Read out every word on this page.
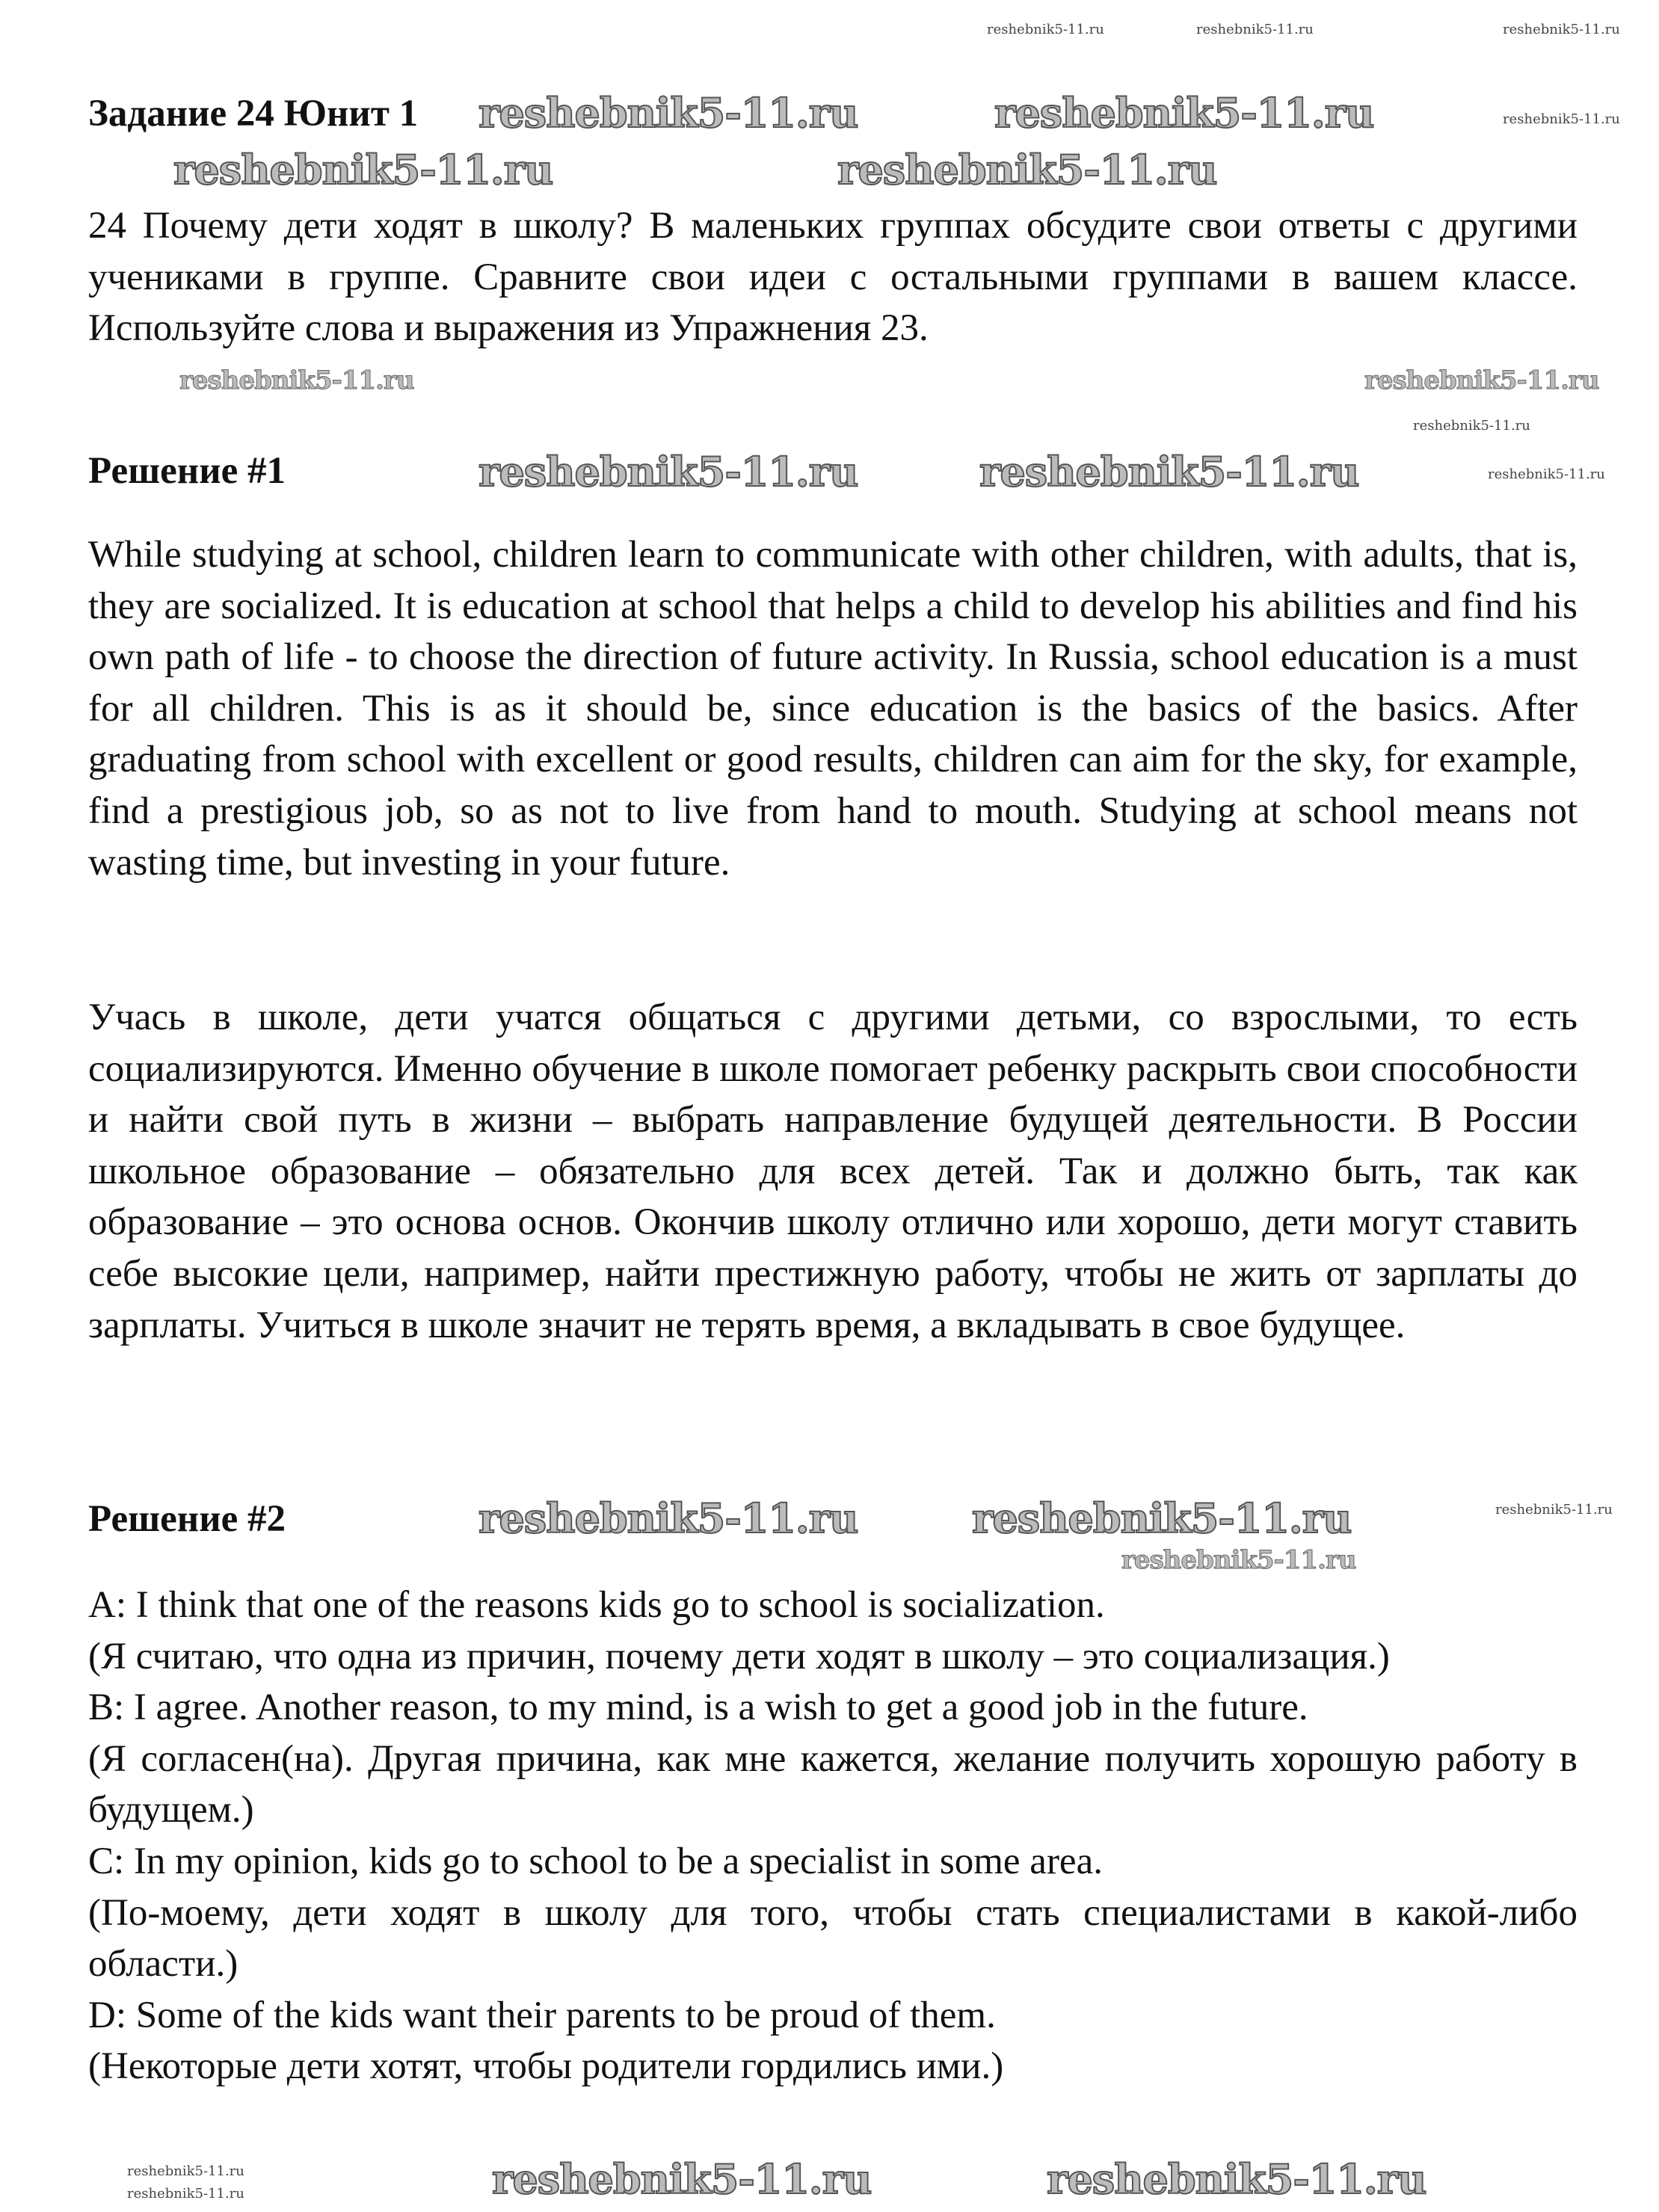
Задание 24 Юнит 1
24 Почему дети ходят в школу? В маленьких группах обсудите свои ответы с другими учениками в группе. Сравните свои идеи с остальными группами в вашем классе. Используйте слова и выражения из Упражнения 23.
Решение #1
While studying at school, children learn to communicate with other children, with adults, that is, they are socialized. It is education at school that helps a child to develop his abilities and find his own path of life - to choose the direction of future activity. In Russia, school education is a must for all children. This is as it should be, since education is the basics of the basics. After graduating from school with excellent or good results, children can aim for the sky, for example, find a prestigious job, so as not to live from hand to mouth. Studying at school means not wasting time, but investing in your future.
Учась в школе, дети учатся общаться с другими детьми, со взрослыми, то есть социализируются. Именно обучение в школе помогает ребенку раскрыть свои способности и найти свой путь в жизни – выбрать направление будущей деятельности. В России школьное образование – обязательно для всех детей. Так и должно быть, так как образование – это основа основ. Окончив школу отлично или хорошо, дети могут ставить себе высокие цели, например, найти престижную работу, чтобы не жить от зарплаты до зарплаты. Учиться в школе значит не терять время, а вкладывать в свое будущее.
Решение #2

A: I think that one of the reasons kids go to school is socialization.

(Я считаю, что одна из причин, почему дети ходят в школу – это социализация.)

B: I agree. Another reason, to my mind, is a wish to get a good job in the future.

(Я согласен(на). Другая причина, как мне кажется, желание получить хорошую работу в будущем.)

C: In my opinion, kids go to school to be a specialist in some area.

(По-моему, дети ходят в школу для того, чтобы стать специалистами в какой-либо области.)

D: Some of the kids want their parents to be proud of them.

(Некоторые дети хотят, чтобы родители гордились ими.)

reshebnik5-11.ru	reshebnik5-11.ru	reshebnik5-11.ru
reshebnik5-11.ru	reshebnik5-11.ru	reshebnik5-11.ru
reshebnik5-11.ru	reshebnik5-11.ru
reshebnik5-11.ru	reshebnik5-11.ru
reshebnik5-11.ru
reshebnik5-11.ru	reshebnik5-11.ru	reshebnik5-11.ru
reshebnik5-11.ru	reshebnik5-11.ru	reshebnik5-11.ru
reshebnik5-11.ru
reshebnik5-11.ru	reshebnik5-11.ru
reshebnik5-11.ru
reshebnik5-11.ru
